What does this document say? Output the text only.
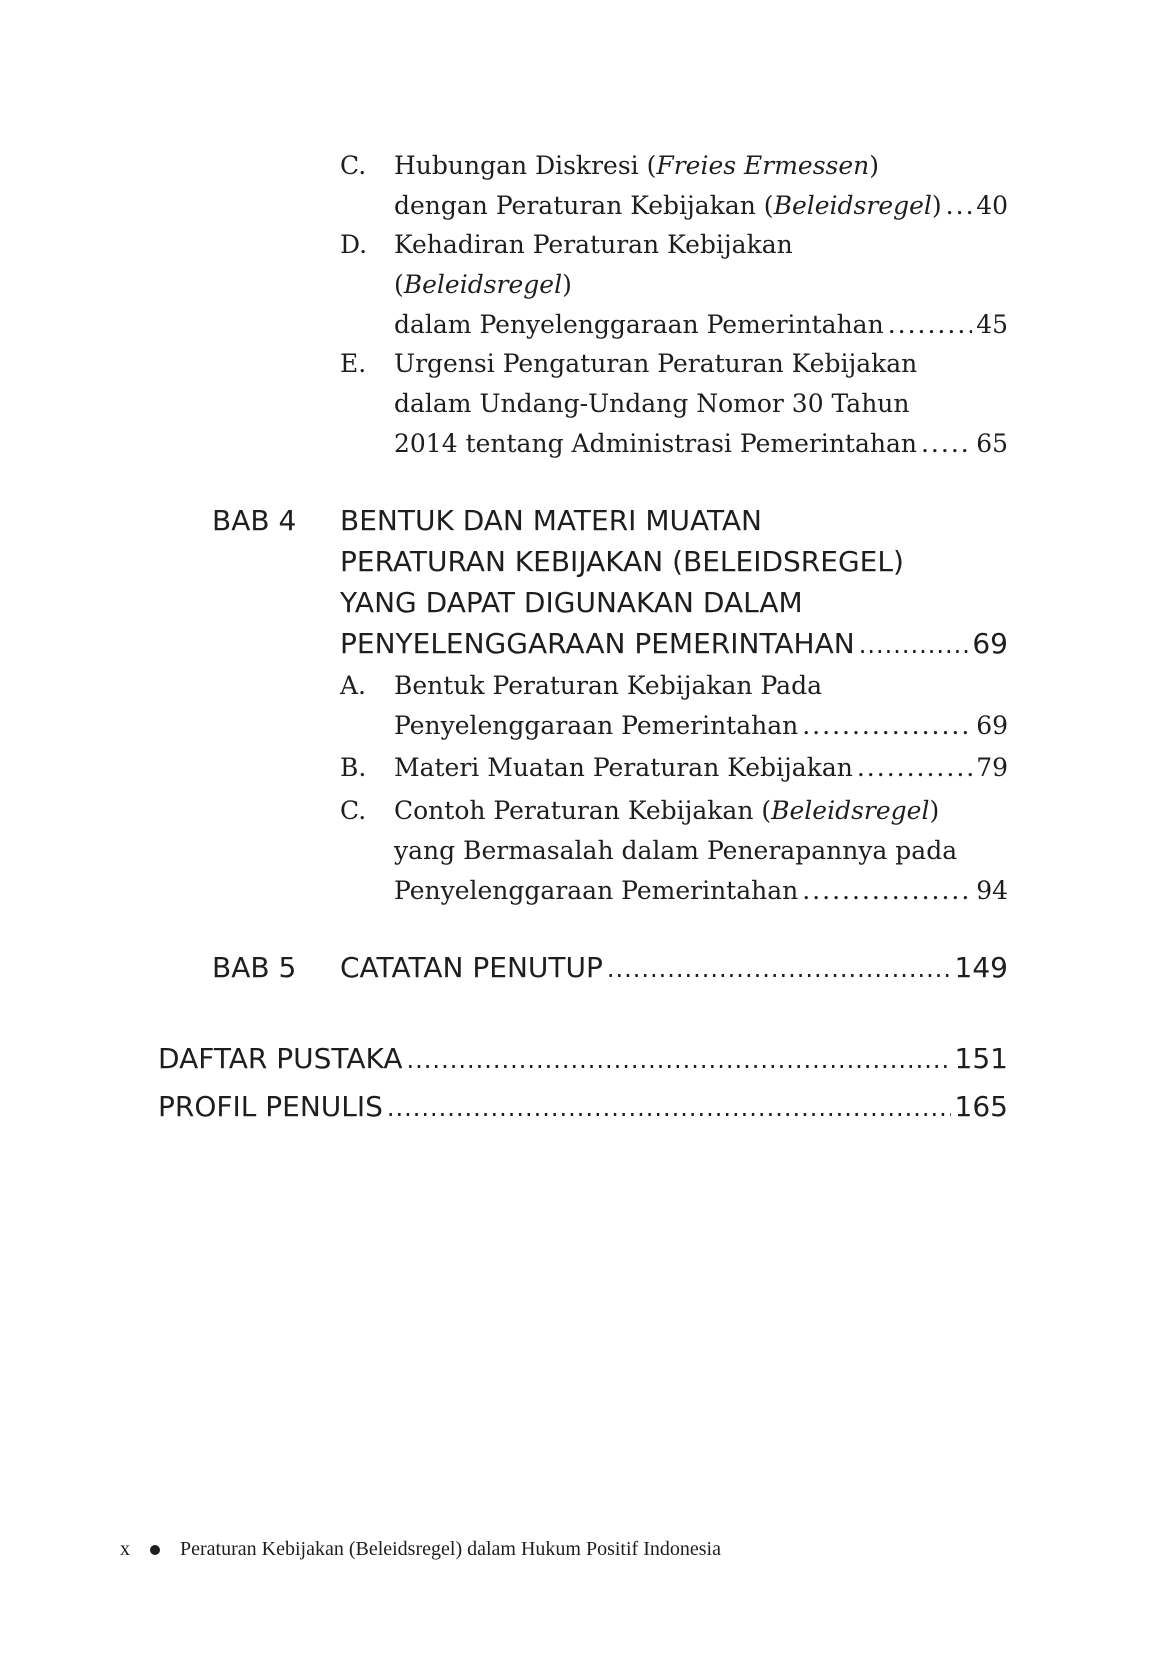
C. Hubungan Diskresi ( Freies Ermessen )
dengan Peraturan Kebijakan ( Beleidsregel ) ..... 40
D. Kehadiran Peraturan Kebijakan
( Beleidsregel )
dalam Penyelenggaraan Pemerintahan .....	45
E. Urgensi Pengaturan Peraturan Kebijakan
dalam Undang-Undang Nomor 30 Tahun
2014 tentang Administrasi Pemerintahan ..... 65
BAB 4 BENTUK DAN MATERI MUATAN
PERATURAN KEBIJAKAN (BELEIDSREGEL)
YANG DAPAT DIGUNAKAN DALAM
PENYELENGGARAAN PEMERINTAHAN .....	69
A. Bentuk Peraturan Kebijakan Pada
Penyelenggaraan Pemerintahan .....	69
B. Materi Muatan Peraturan Kebijakan .....	79
C. Contoh Peraturan Kebijakan ( Beleidsregel )
yang Bermasalah dalam Penerapannya pada
Penyelenggaraan Pemerintahan .....	94
BAB 5 CATATAN PENUTUP .....	149
DAFTAR PUSTAKA .....	151
PROFIL PENULIS .....	165
x	Peraturan Kebijakan (Beleidsregel) dalam Hukum Positif Indonesia
